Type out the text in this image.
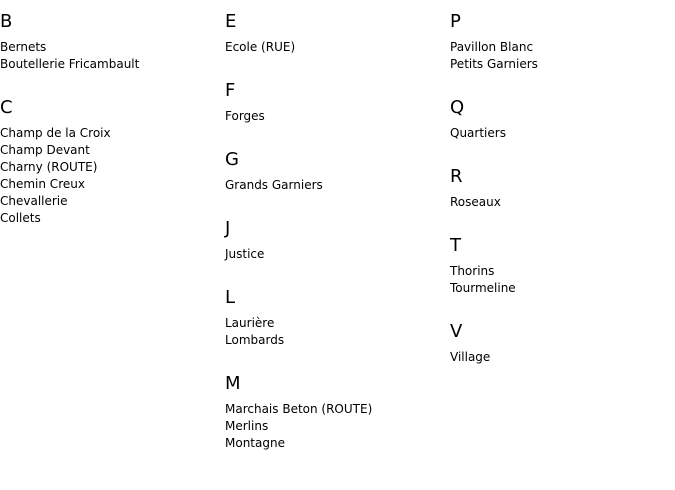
B
Bernets
Boutellerie Fricambault
C
Champ de la Croix
Champ Devant
Charny (ROUTE)
Chemin Creux
Chevallerie
Collets
E
Ecole (RUE)
F
Forges
G
Grands Garniers
J
Justice
L
Laurière
Lombards
M
Marchais Beton (ROUTE)
Merlins
Montagne
P
Pavillon Blanc
Petits Garniers
Q
Quartiers
R
Roseaux
T
Thorins
Tourmeline
V
Village
